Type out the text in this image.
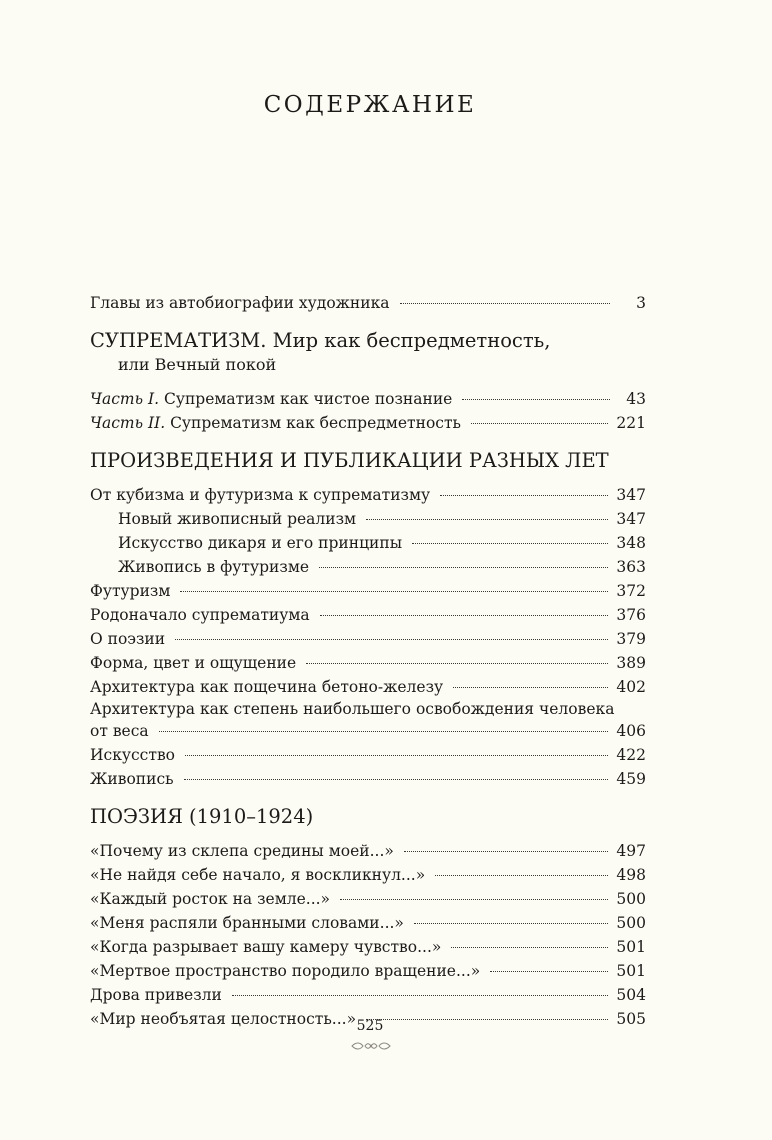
СОДЕРЖАНИЕ
Главы из автобиографии художника	3
СУПРЕМАТИЗМ. Мир как беспредметность,
или Вечный покой
Часть I. Супрематизм как чистое познание	43
Часть II. Супрематизм как беспредметность	221
ПРОИЗВЕДЕНИЯ И ПУБЛИКАЦИИ РАЗНЫХ ЛЕТ
От кубизма и футуризма к супрематизму	347
Новый живописный реализм	347
Искусство дикаря и его принципы	348
Живопись в футуризме	363
Футуризм	372
Родоначало супрематиума	376
О поэзии	379
Форма, цвет и ощущение	389
Архитектура как пощечина бетоно-железу	402
Архитектура как степень наибольшего освобождения человека
от веса	406
Искусство	422
Живопись	459
ПОЭЗИЯ (1910–1924)
«Почему из склепа средины моей...»	497
«Не найдя себе начало, я воскликнул...»	498
«Каждый росток на земле...»	500
«Меня распяли бранными словами...»	500
«Когда разрывает вашу камеру чувство...»	501
«Мертвое пространство породило вращение...»	501
Дрова привезли	504
«Мир необъятая целостность...»	505
525
